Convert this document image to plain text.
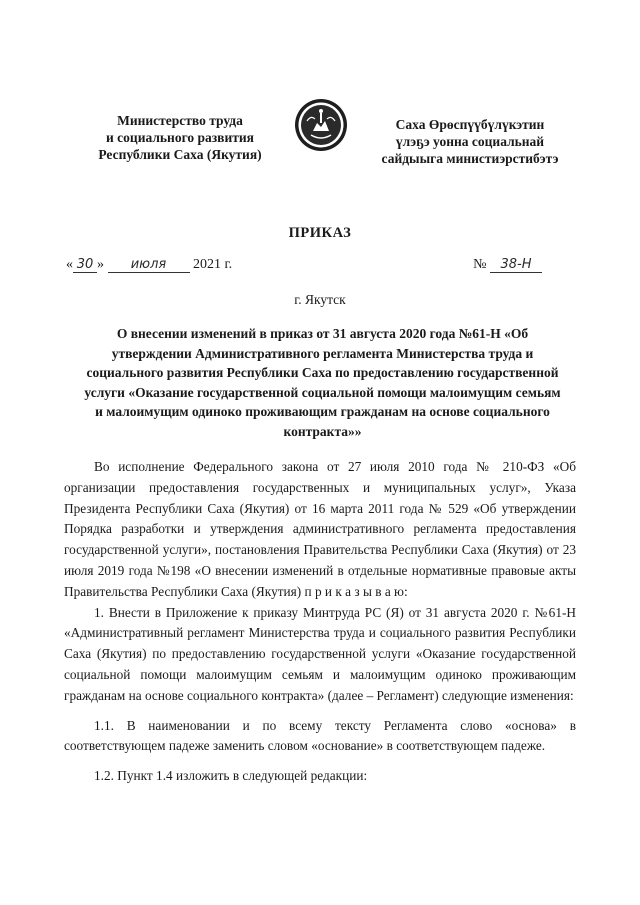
Министерство труда
и социального развития
Республики Саха (Якутия)
Саха Өрөспүүбүлүкэтин
үлэҕэ уонна социальнай
сайдыыга министиэрстибэтэ
ПРИКАЗ
« 30 » июля 2021 г.	№ 38-Н
г. Якутск
О внесении изменений в приказ от 31 августа 2020 года №61-Н «Об утверждении Административного регламента Министерства труда и социального развития Республики Саха по предоставлению государственной услуги «Оказание государственной социальной помощи малоимущим семьям и малоимущим одиноко проживающим гражданам на основе социального контракта»»

Во исполнение Федерального закона от 27 июля 2010 года № 210-ФЗ «Об организации предоставления государственных и муниципальных услуг», Указа Президента Республики Саха (Якутия) от 16 марта 2011 года № 529 «Об утверждении Порядка разработки и утверждения административного регламента предоставления государственной услуги», постановления Правительства Республики Саха (Якутия) от 23 июля 2019 года №198 «О внесении изменений в отдельные нормативные правовые акты Правительства Республики Саха (Якутия) п р и к а з ы в а ю:

1. Внести в Приложение к приказу Минтруда РС (Я) от 31 августа 2020 г. №61-Н «Административный регламент Министерства труда и социального развития Республики Саха (Якутия) по предоставлению государственной услуги «Оказание государственной социальной помощи малоимущим семьям и малоимущим одиноко проживающим гражданам на основе социального контракта» (далее – Регламент) следующие изменения:

1.1. В наименовании и по всему тексту Регламента слово «основа» в соответствующем падеже заменить словом «основание» в соответствующем падеже.

1.2. Пункт 1.4 изложить в следующей редакции:
